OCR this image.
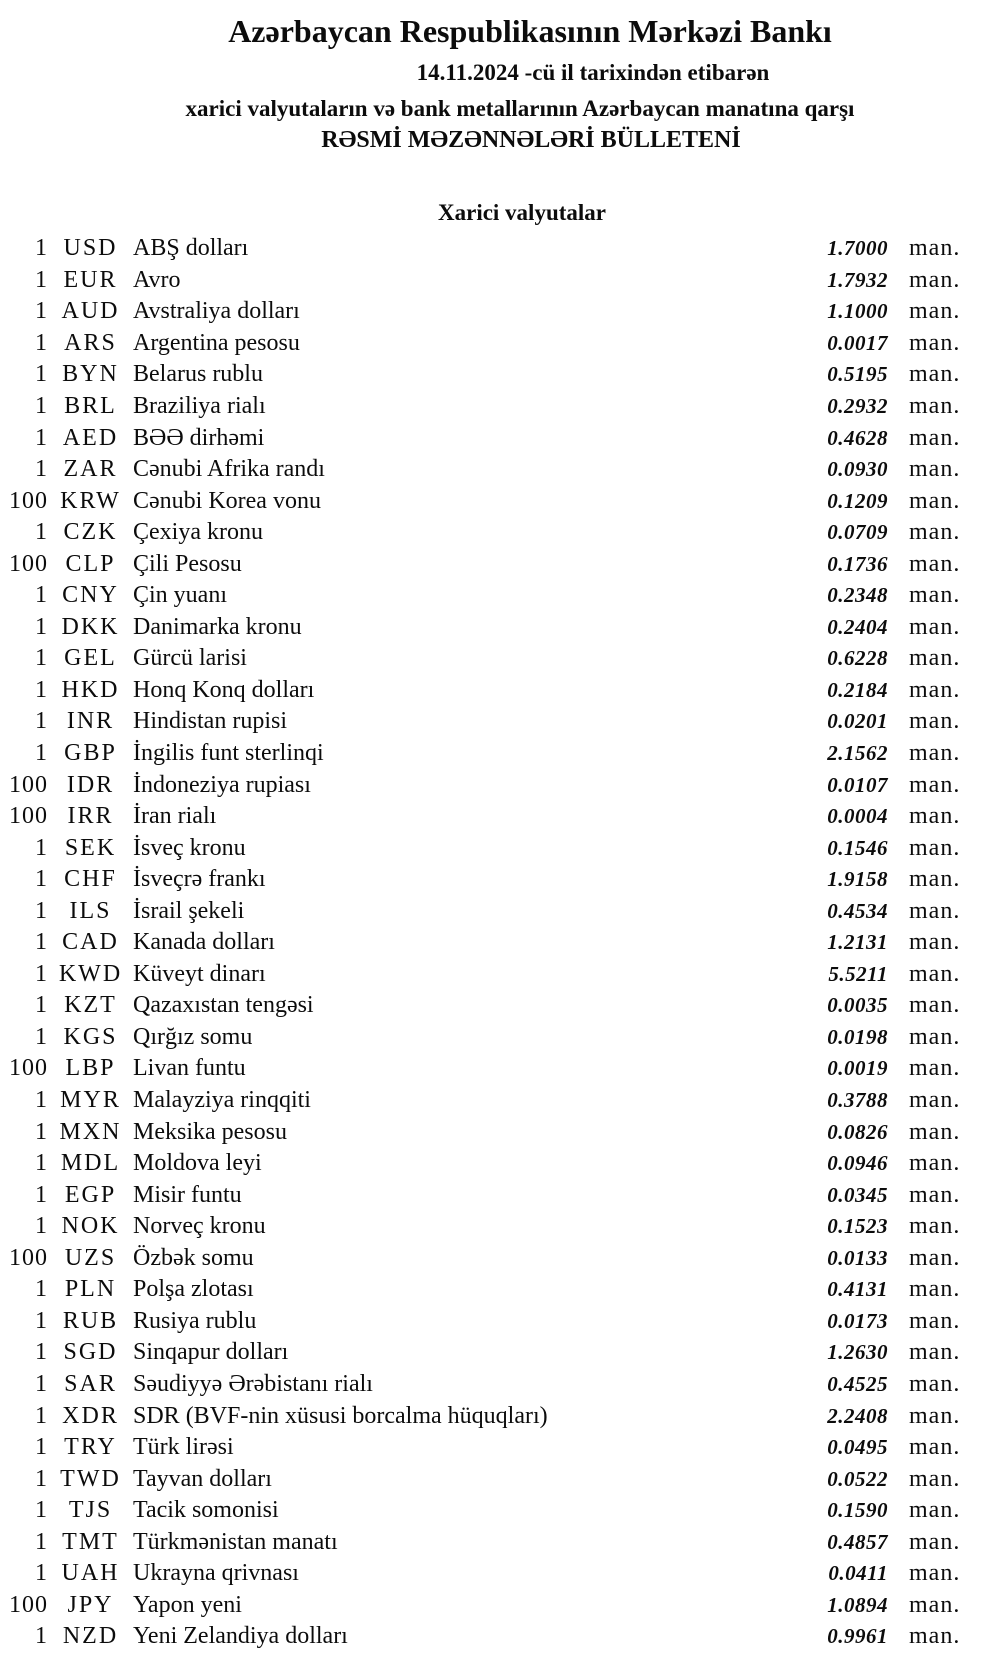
Azərbaycan Respublikasının Mərkəzi Bankı
14.11.2024 -cü il tarixindən etibarən
xarici valyutaların və bank metallarının Azərbaycan manatına qarşı
RƏSMİ MƏZƏNNƏLƏRİ BÜLLETENİ
Xarici valyutalar
1 USD ABŞ dolları	1.7000 man.
1 EUR Avro	1.7932 man.
1 AUD Avstraliya dolları	1.1000 man.
1 ARS Argentina pesosu	0.0017 man.
1 BYN Belarus rublu	0.5195 man.
1 BRL Braziliya rialı	0.2932 man.
1 AED BƏƏ dirhəmi	0.4628 man.
1 ZAR Cənubi Afrika randı	0.0930 man.
100 KRW Cənubi Korea vonu	0.1209 man.
1 CZK Çexiya kronu	0.0709 man.
100 CLP Çili Pesosu	0.1736 man.
1 CNY Çin yuanı	0.2348 man.
1 DKK Danimarka kronu	0.2404 man.
1 GEL Gürcü larisi	0.6228 man.
1 HKD Honq Konq dolları	0.2184 man.
1 INR Hindistan rupisi	0.0201 man.
1 GBP İngilis funt sterlinqi	2.1562 man.
100 IDR İndoneziya rupiası	0.0107 man.
100 IRR İran rialı	0.0004 man.
1 SEK İsveç kronu	0.1546 man.
1 CHF İsveçrə frankı	1.9158 man.
1 ILS İsrail şekeli	0.4534 man.
1 CAD Kanada dolları	1.2131 man.
1 KWD Küveyt dinarı	5.5211 man.
1 KZT Qazaxıstan tengəsi	0.0035 man.
1 KGS Qırğız somu	0.0198 man.
100 LBP Livan funtu	0.0019 man.
1 MYR Malayziya rinqqiti	0.3788 man.
1 MXN Meksika pesosu	0.0826 man.
1 MDL Moldova leyi	0.0946 man.
1 EGP Misir funtu	0.0345 man.
1 NOK Norveç kronu	0.1523 man.
100 UZS Özbək somu	0.0133 man.
1 PLN Polşa zlotası	0.4131 man.
1 RUB Rusiya rublu	0.0173 man.
1 SGD Sinqapur dolları	1.2630 man.
1 SAR Səudiyyə Ərəbistanı rialı	0.4525 man.
1 XDR SDR (BVF-nin xüsusi borcalma hüquqları)	2.2408 man.
1 TRY Türk lirəsi	0.0495 man.
1 TWD Tayvan dolları	0.0522 man.
1 TJS Tacik somonisi	0.1590 man.
1 TMT Türkmənistan manatı	0.4857 man.
1 UAH Ukrayna qrivnası	0.0411 man.
100 JPY Yapon yeni	1.0894 man.
1 NZD Yeni Zelandiya dolları	0.9961 man.
